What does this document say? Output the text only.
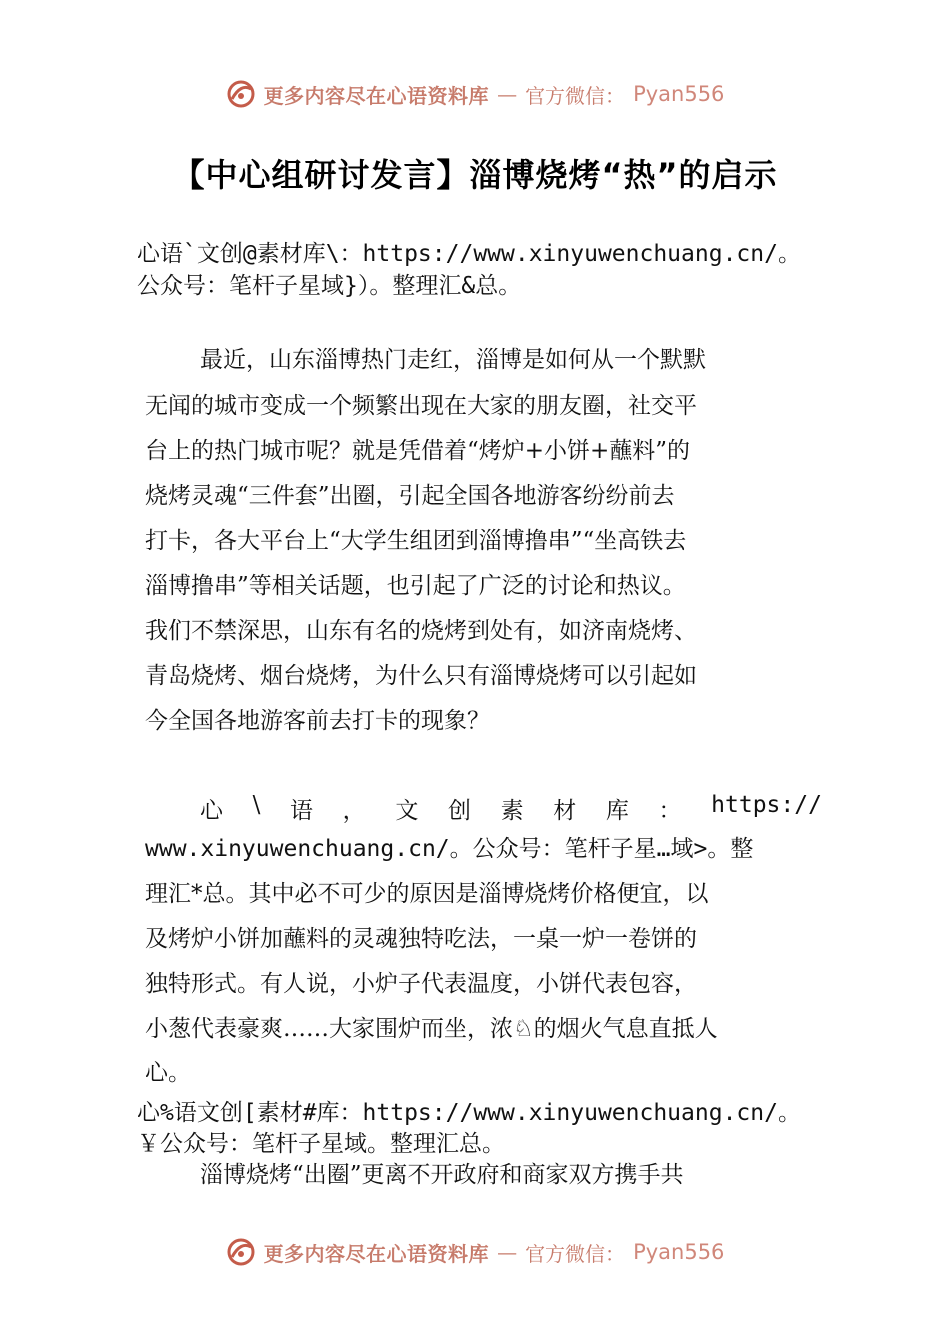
更多内容尽在心语资料库 — 官方微信： Pyan556
【中心组研讨发言】淄博烧烤“热”的启示
心语`文创@素材库\：https://www.xinyuwenchuang.cn/。
公众号：笔杆子星域}）。整理汇&总。
最近，山东淄博热门走红，淄博是如何从一个默默
无闻的城市变成一个频繁出现在大家的朋友圈，社交平
台上的热门城市呢？就是凭借着“烤炉+小饼+蘸料”的
烧烤灵魂“三件套”出圈，引起全国各地游客纷纷前去
打卡，各大平台上“大学生组团到淄博撸串”“坐高铁去
淄博撸串”等相关话题，也引起了广泛的讨论和热议。
我们不禁深思，山东有名的烧烤到处有，如济南烧烤、
青岛烧烤、烟台烧烤，为什么只有淄博烧烤可以引起如
今全国各地游客前去打卡的现象？
心 \ 语 ， 文 创 素 材 库 ： https://
www.xinyuwenchuang.cn/。公众号：笔杆子星…域>。整
理汇*总。其中必不可少的原因是淄博烧烤价格便宜，以
及烤炉小饼加蘸料的灵魂独特吃法，一桌一炉一卷饼的
独特形式。有人说，小炉子代表温度，小饼代表包容，
小葱代表豪爽……大家围炉而坐，浓♘的烟火气息直抵人
心。
心%语文创[素材#库：https://www.xinyuwenchuang.cn/。
￥公众号：笔杆子星域。整理汇总。
淄博烧烤“出圈”更离不开政府和商家双方携手共
更多内容尽在心语资料库 — 官方微信： Pyan556
